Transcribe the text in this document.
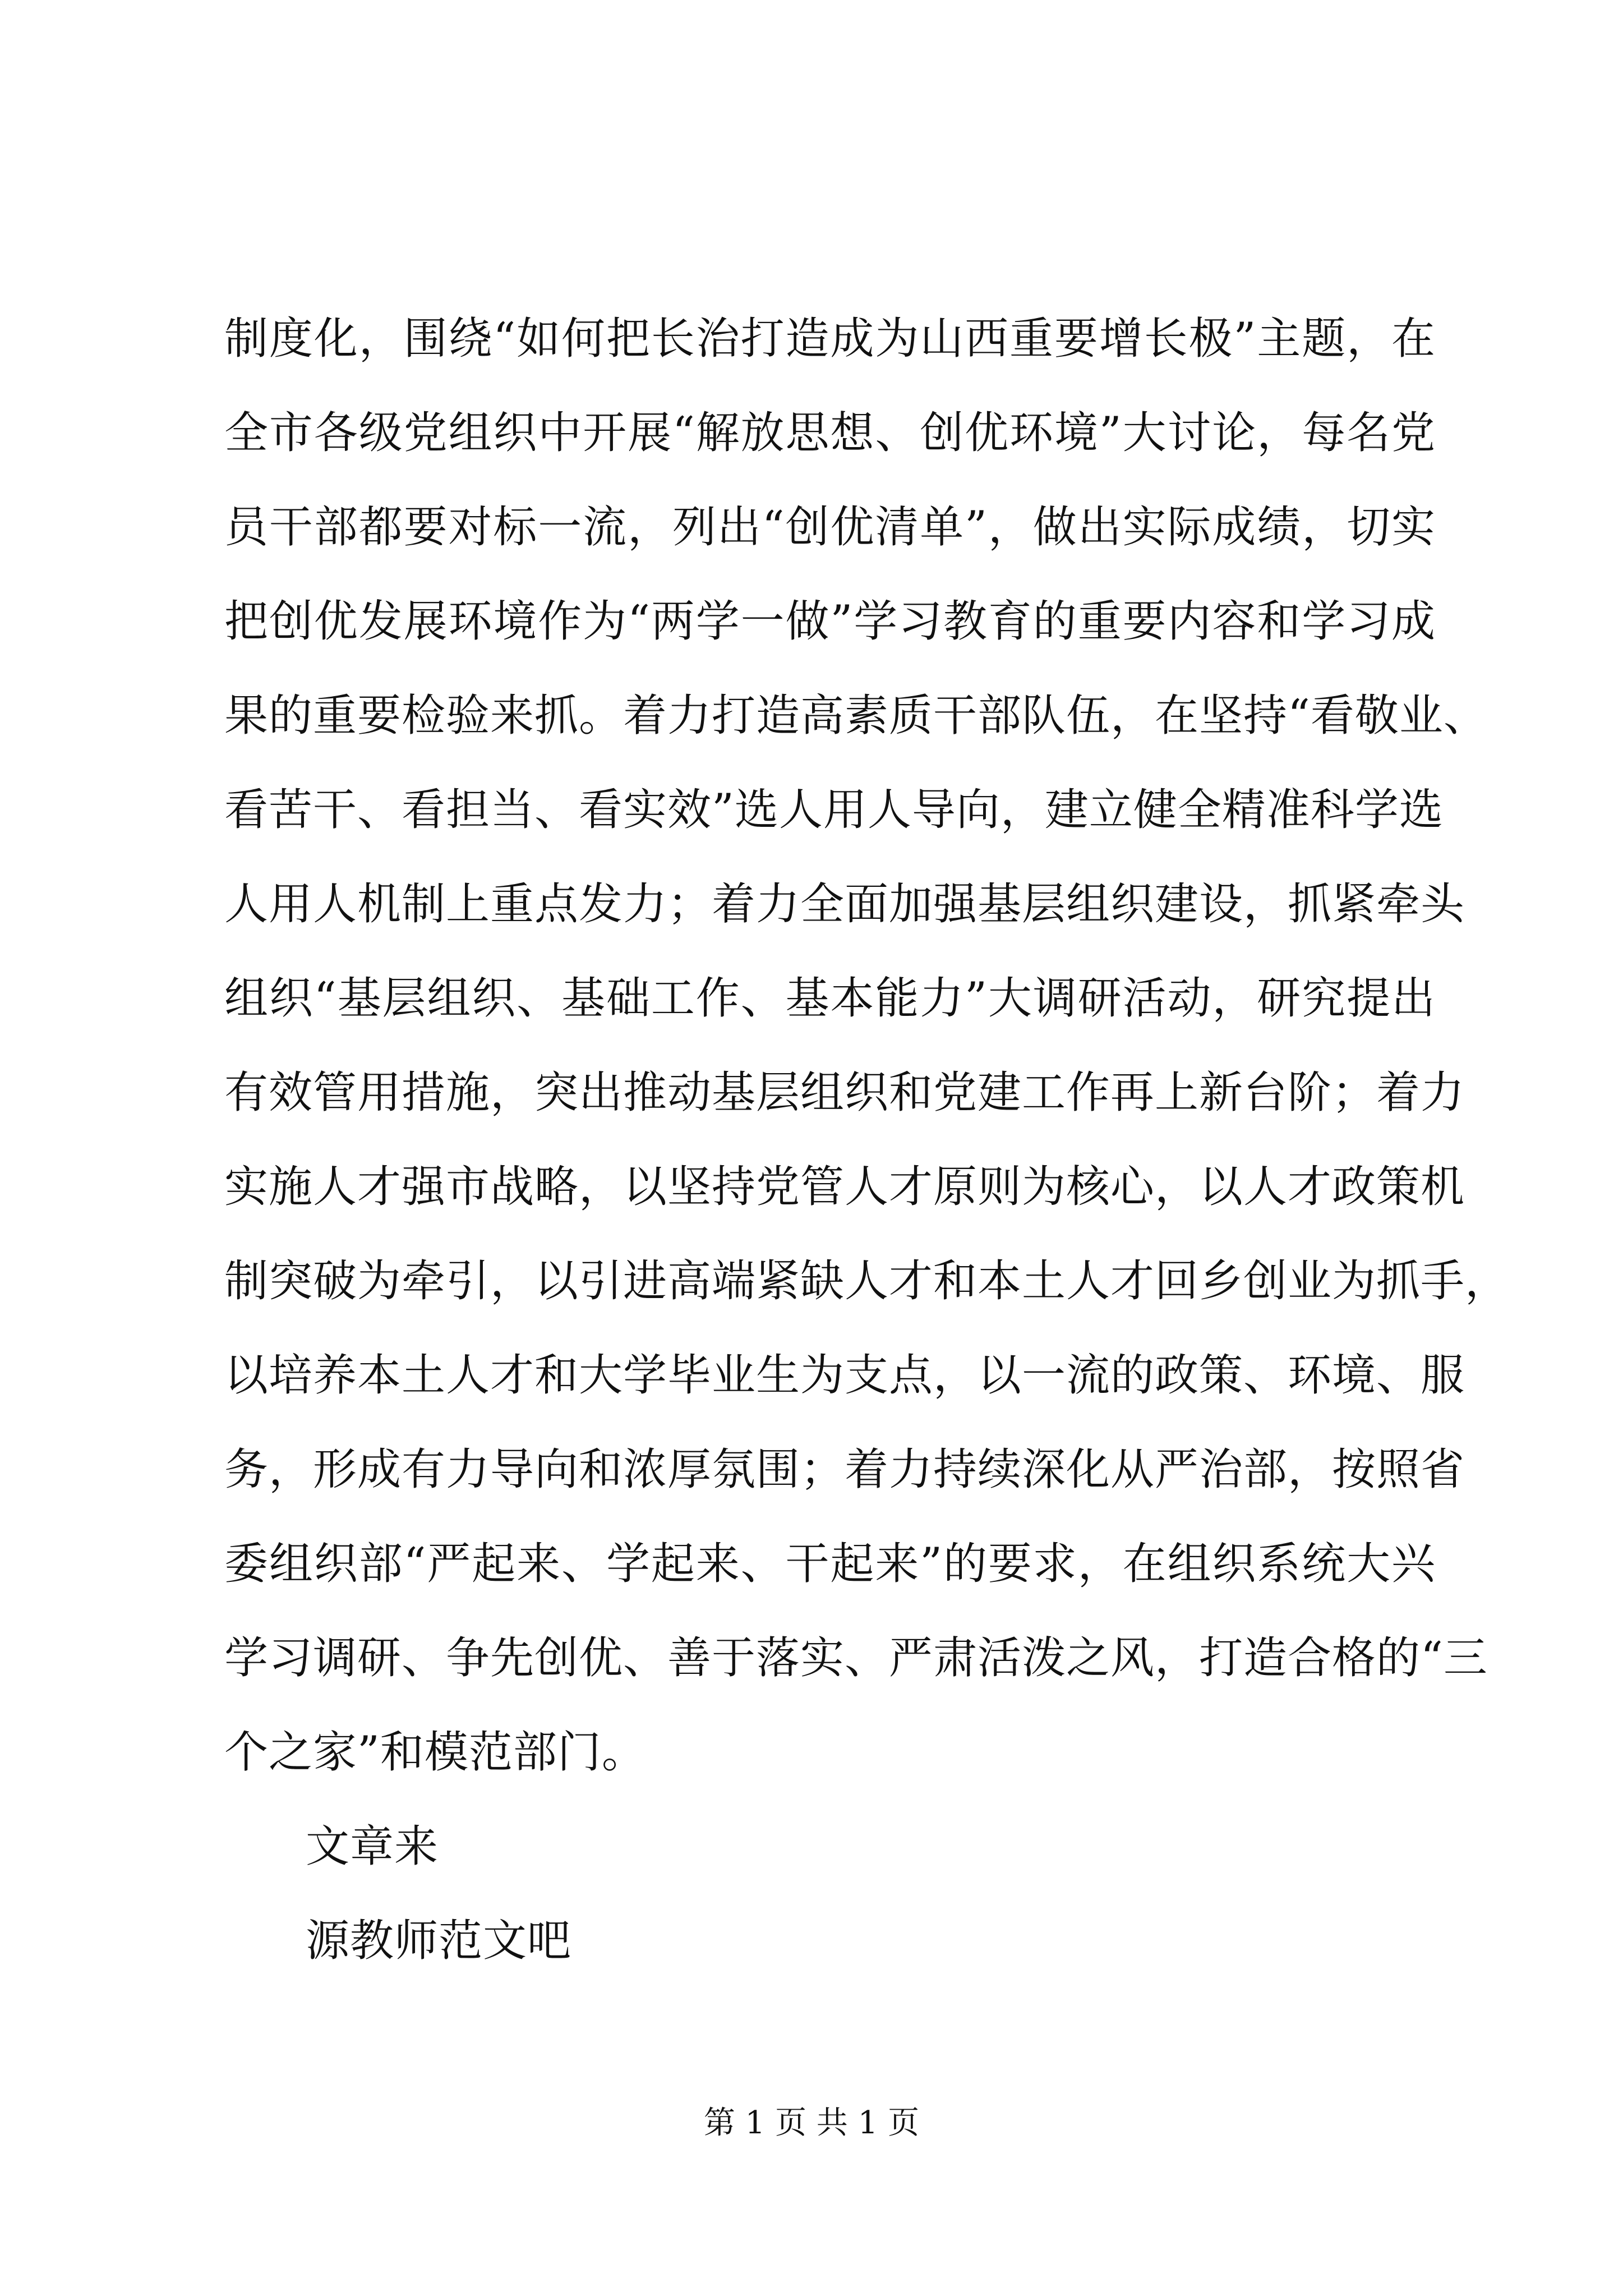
制度化，围绕“如何把长治打造成为山西重要增长极”主题，在
全市各级党组织中开展“解放思想、创优环境”大讨论，每名党
员干部都要对标一流，列出“创优清单”，做出实际成绩，切实
把创优发展环境作为“两学一做”学习教育的重要内容和学习成
果的重要检验来抓。着力打造高素质干部队伍，在坚持“看敬业、
看苦干、看担当、看实效”选人用人导向，建立健全精准科学选
人用人机制上重点发力；着力全面加强基层组织建设，抓紧牵头
组织“基层组织、基础工作、基本能力”大调研活动，研究提出
有效管用措施，突出推动基层组织和党建工作再上新台阶；着力
实施人才强市战略，以坚持党管人才原则为核心，以人才政策机
制突破为牵引，以引进高端紧缺人才和本土人才回乡创业为抓手，
以培养本土人才和大学毕业生为支点，以一流的政策、环境、服
务，形成有力导向和浓厚氛围；着力持续深化从严治部，按照省
委组织部“严起来、学起来、干起来”的要求，在组织系统大兴
学习调研、争先创优、善于落实、严肃活泼之风，打造合格的“三
个之家”和模范部门。
文章来
源教师范文吧
第 1 页 共 1 页
